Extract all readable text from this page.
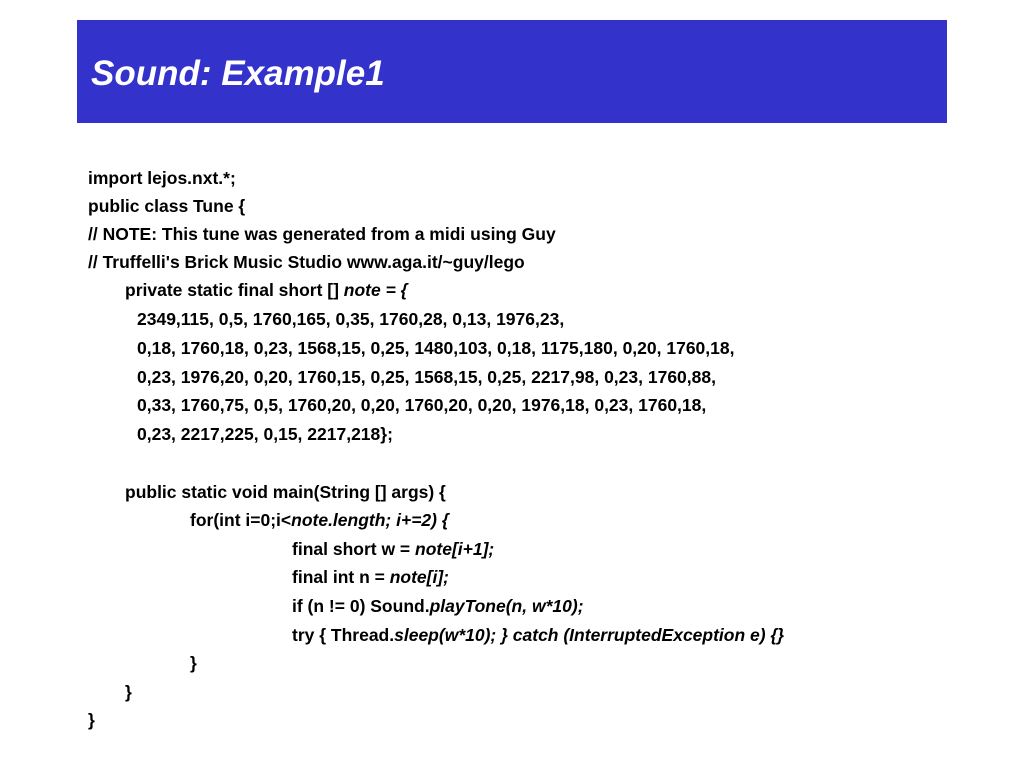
Sound: Example1
import lejos.nxt.*;
public class Tune {
// NOTE: This tune was generated from a midi using Guy
// Truffelli's Brick Music Studio www.aga.it/~guy/lego
private static final short [] note = {
2349,115, 0,5, 1760,165, 0,35, 1760,28, 0,13, 1976,23,
0,18, 1760,18, 0,23, 1568,15, 0,25, 1480,103, 0,18, 1175,180, 0,20, 1760,18,
0,23, 1976,20, 0,20, 1760,15, 0,25, 1568,15, 0,25, 2217,98, 0,23, 1760,88,
0,33, 1760,75, 0,5, 1760,20, 0,20, 1760,20, 0,20, 1976,18, 0,23, 1760,18,
0,23, 2217,225, 0,15, 2217,218};
public static void main(String [] args) {
for(int i=0;i<note.length; i+=2) {
final short w = note[i+1];
final int n = note[i];
if (n != 0) Sound.playTone(n, w*10);
try { Thread.sleep(w*10); } catch (InterruptedException e) {}
}
}
}
